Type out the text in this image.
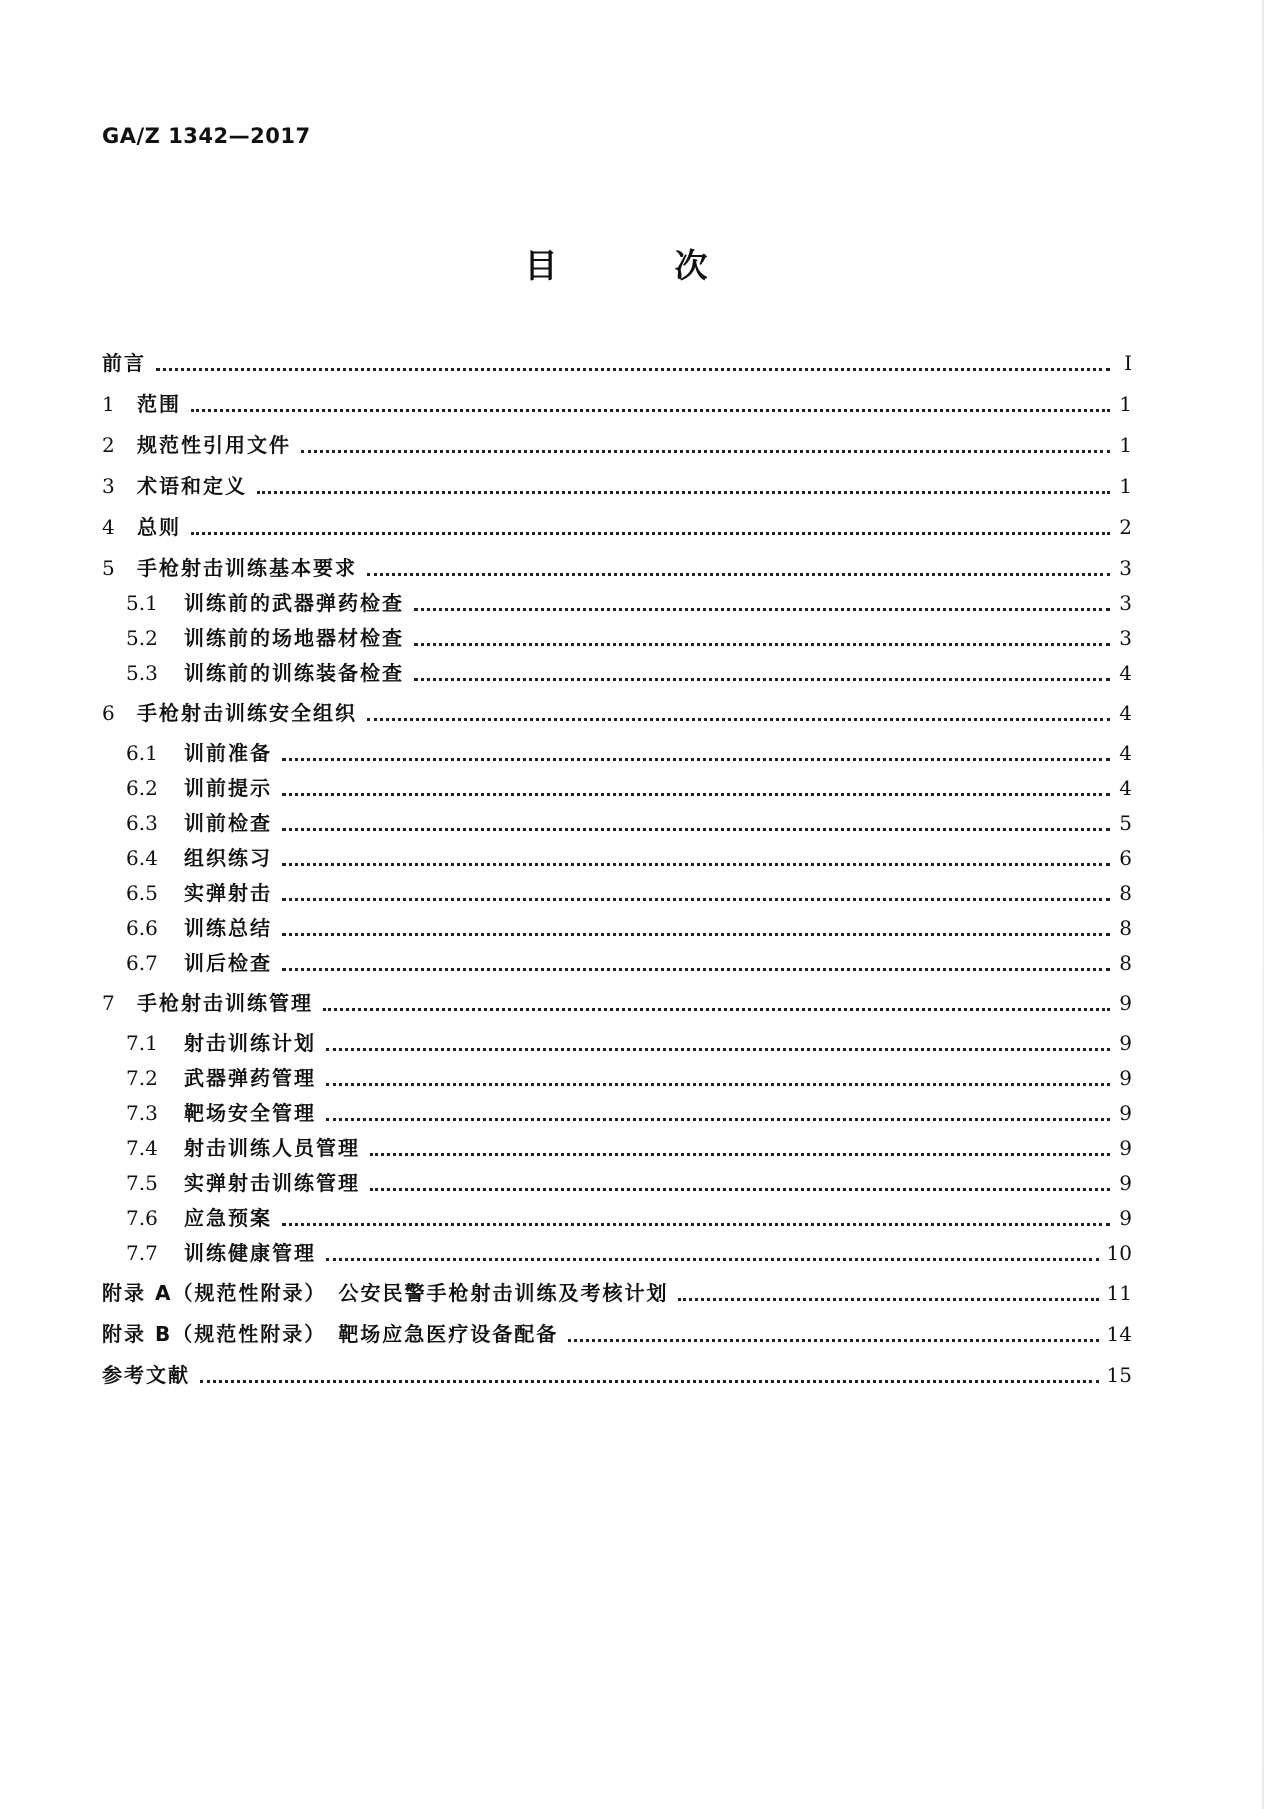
GA/Z 1342—2017
目　次
前言	Ⅰ
1	范围	1
2	规范性引用文件	1
3	术语和定义	1
4	总则	2
5	手枪射击训练基本要求	3
5.1	训练前的武器弹药检查	3
5.2	训练前的场地器材检查	3
5.3	训练前的训练装备检查	4
6	手枪射击训练安全组织	4
6.1	训前准备	4
6.2	训前提示	4
6.3	训前检查	5
6.4	组织练习	6
6.5	实弹射击	8
6.6	训练总结	8
6.7	训后检查	8
7	手枪射击训练管理	9
7.1	射击训练计划	9
7.2	武器弹药管理	9
7.3	靶场安全管理	9
7.4	射击训练人员管理	9
7.5	实弹射击训练管理	9
7.6	应急预案	9
7.7	训练健康管理	10
附录 A（规范性附录）　公安民警手枪射击训练及考核计划	11
附录 B（规范性附录）　靶场应急医疗设备配备	14
参考文献	15
